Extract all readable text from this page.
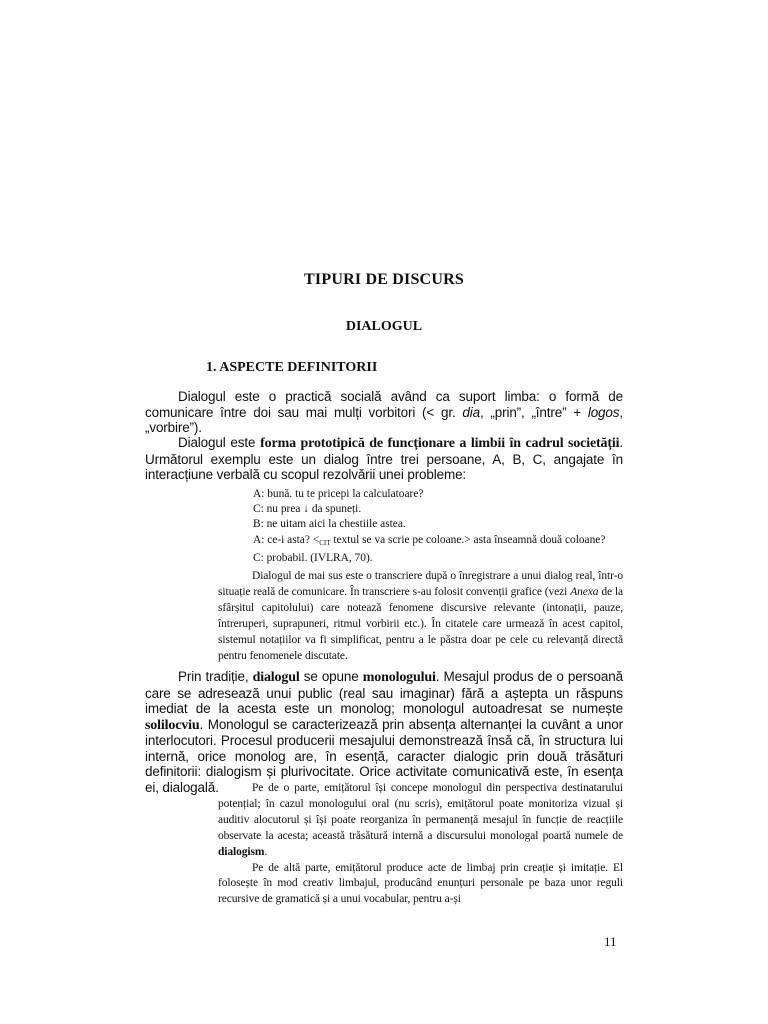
TIPURI DE DISCURS
DIALOGUL
1. ASPECTE DEFINITORII

Dialogul este o practică socială având ca suport limba: o formă de comunicare între doi sau mai mulți vorbitori (< gr. dia, „prin”, „între” + logos, „vorbire”).

Dialogul este forma prototipică de funcționare a limbii în cadrul societății. Următorul exemplu este un dialog între trei persoane, A, B, C, angajate în interacțiune verbală cu scopul rezolvării unei probleme:

A: bună. tu te pricepi la calculatoare?
C: nu prea ↓ da spuneți.
B: ne uitam aici la chestiile astea.
A: ce-i asta? $<_{CIT}$ textul se va scrie pe coloane.> asta înseamnă două coloane?
C: probabil. (IVLRA, 70).

Dialogul de mai sus este o transcriere după o înregistrare a unui dialog real, într-o situație reală de comunicare. În transcriere s-au folosit convenții grafice (vezi Anexa de la sfârșitul capitolului) care notează fenomene discursive relevante (intonații, pauze, întreruperi, suprapuneri, ritmul vorbirii etc.). În citatele care urmează în acest capitol, sistemul notațiilor va fi simplificat, pentru a le păstra doar pe cele cu relevanță directă pentru fenomenele discutate.

Prin tradiție, dialogul se opune monologului. Mesajul produs de o persoană care se adresează unui public (real sau imaginar) fără a aștepta un răspuns imediat de la acesta este un monolog; monologul autoadresat se numește solilocviu. Monologul se caracterizează prin absența alternanței la cuvânt a unor interlocutori. Procesul producerii mesajului demonstrează însă că, în structura lui internă, orice monolog are, în esență, caracter dialogic prin două trăsături definitorii: dialogism și plurivocitate. Orice activitate comunicativă este, în esența ei, dialogală.	Pe de o parte, emițătorul își concepe monologul din perspectiva destinatarului potențial; în cazul monologului oral (nu scris), emițătorul poate monitoriza vizual și auditiv alocutorul și își poate reorganiza în permanență mesajul în funcție de reacțiile observate la acesta; această trăsătură internă a discursului monologal poartă numele de dialogism.

Pe de altă parte, emițătorul produce acte de limbaj prin creație și imitație. El folosește în mod creativ limbajul, producând enunțuri personale pe baza unor reguli recursive de gramatică și a unui vocabular, pentru a-și

11
